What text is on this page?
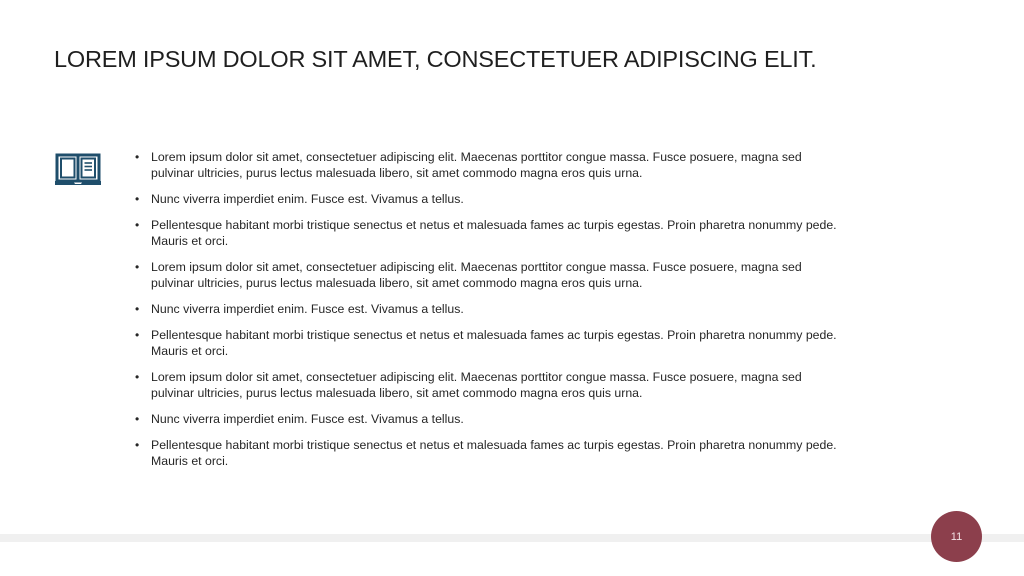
LOREM IPSUM DOLOR SIT AMET, CONSECTETUER ADIPISCING ELIT.
• Lorem ipsum dolor sit amet, consectetuer adipiscing elit. Maecenas porttitor congue massa. Fusce posuere, magna sed pulvinar ultricies, purus lectus malesuada libero, sit amet commodo magna eros quis urna.
• Nunc viverra imperdiet enim. Fusce est. Vivamus a tellus.
• Pellentesque habitant morbi tristique senectus et netus et malesuada fames ac turpis egestas. Proin pharetra nonummy pede. Mauris et orci.
• Lorem ipsum dolor sit amet, consectetuer adipiscing elit. Maecenas porttitor congue massa. Fusce posuere, magna sed pulvinar ultricies, purus lectus malesuada libero, sit amet commodo magna eros quis urna.
• Nunc viverra imperdiet enim. Fusce est. Vivamus a tellus.
• Pellentesque habitant morbi tristique senectus et netus et malesuada fames ac turpis egestas. Proin pharetra nonummy pede. Mauris et orci.
• Lorem ipsum dolor sit amet, consectetuer adipiscing elit. Maecenas porttitor congue massa. Fusce posuere, magna sed pulvinar ultricies, purus lectus malesuada libero, sit amet commodo magna eros quis urna.
• Nunc viverra imperdiet enim. Fusce est. Vivamus a tellus.
• Pellentesque habitant morbi tristique senectus et netus et malesuada fames ac turpis egestas. Proin pharetra nonummy pede. Mauris et orci.
11
